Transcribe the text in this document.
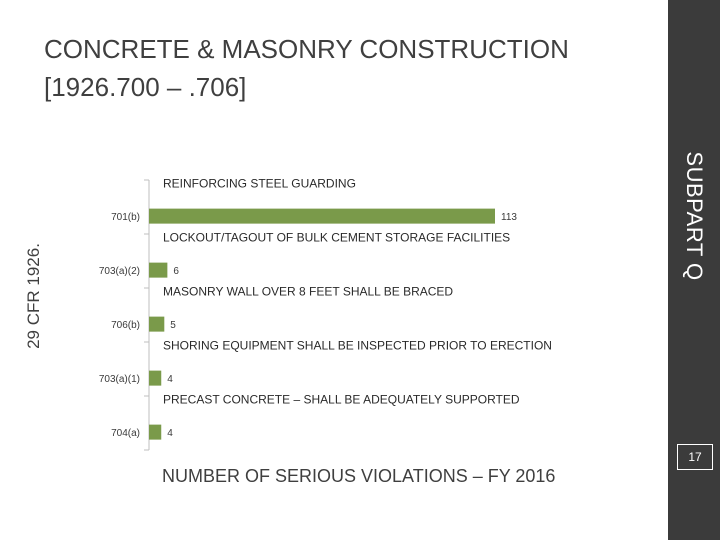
CONCRETE & MASONRY CONSTRUCTION
[1926.700 – .706]
SUBPART Q
29 CFR 1926.
REINFORCING STEEL GUARDING
701(b)	113
LOCKOUT/TAGOUT OF BULK CEMENT STORAGE FACILITIES
703(a)(2)	6
MASONRY WALL OVER 8 FEET SHALL BE BRACED
706(b)	5
SHORING EQUIPMENT SHALL BE INSPECTED PRIOR TO ERECTION
703(a)(1)	4
PRECAST CONCRETE – SHALL BE ADEQUATELY SUPPORTED
704(a)	4
17
NUMBER OF SERIOUS VIOLATIONS – FY 2016
